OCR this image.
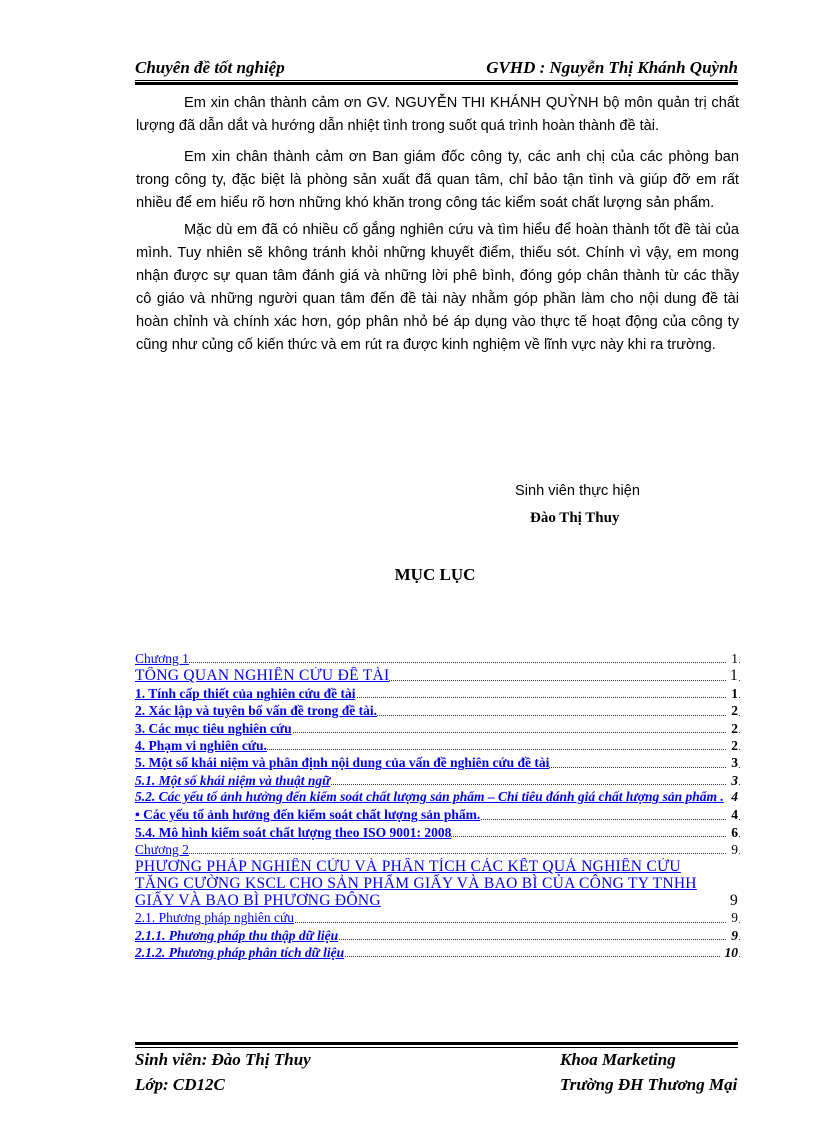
Chuyên đề tốt nghiệp	GVHD : Nguyễn Thị Khánh Quỳnh

Em xin chân thành cảm ơn GV. NGUYỄN THI KHÁNH QUỲNH bộ môn quản trị chất lượng đã dẫn dắt và hướng dẫn nhiệt tình trong suốt quá trình hoàn thành đề tài.

Em xin chân thành cảm ơn Ban giám đốc công ty, các anh chị của các phòng ban trong công ty, đặc biệt là phòng sản xuất đã quan tâm, chỉ bảo tận tình và giúp đỡ em rất nhiều để em hiểu rõ hơn những khó khăn trong công tác kiểm soát chất lượng sản phẩm.

Mặc dù em đã có nhiều cố gắng nghiên cứu và tìm hiểu để hoàn thành tốt đề tài của mình. Tuy nhiên sẽ không tránh khỏi những khuyết điểm, thiếu sót. Chính vì vậy, em mong nhận được sự quan tâm đánh giá và những lời phê bình, đóng góp chân thành từ các thầy cô giáo và những người quan tâm đến đề tài này nhằm góp phần làm cho nội dung đề tài hoàn chỉnh và chính xác hơn, góp phân nhỏ bé áp dụng vào thực tế hoạt động của công ty cũng như củng cố kiến thức và em rút ra được kinh nghiệm về lĩnh vực này khi ra trường.

Sinh viên thực hiện
Đào Thị Thuy
MỤC LỤC
Chương 1	1
TỔNG QUAN NGHIÊN CỨU ĐỀ TÀI	1
1. Tính cấp thiết của nghiên cứu đề tài	1
2. Xác lập và tuyên bố vấn đề trong đề tài.	2
3. Các mục tiêu nghiên cứu	2
4. Phạm vi nghiên cứu.	2
5. Một số khái niệm và phân định nội dung của vấn đề nghiên cứu đề tài	3
5.1. Một số khái niệm và thuật ngữ	3
5.2. Các yếu tố ảnh hưởng đến kiểm soát chất lượng sản phẩm – Chỉ tiêu đánh giá chất lượng sản phẩm . 4
• Các yếu tố ảnh hưởng đến kiểm soát chất lượng sản phẩm.	4
5.4. Mô hình kiểm soát chất lượng theo ISO 9001: 2008	6
Chương 2	9
PHƯƠNG PHÁP NGHIÊN CỨU VÀ PHÂN TÍCH CÁC KẾT QUẢ NGHIÊN CỨU TĂNG CƯỜNG KSCL CHO SẢN PHẨM GIẤY VÀ BAO BÌ CỦA CÔNG TY TNHH GIẤY VÀ BAO BÌ PHƯƠNG ĐÔNG	9
2.1. Phương pháp nghiên cứu	9
2.1.1. Phương pháp thu thập dữ liệu	9
2.1.2. Phương pháp phân tích dữ liệu	10
Sinh viên: Đào Thị Thuy	Khoa Marketing
Lớp: CD12C	Trường ĐH Thương Mại
